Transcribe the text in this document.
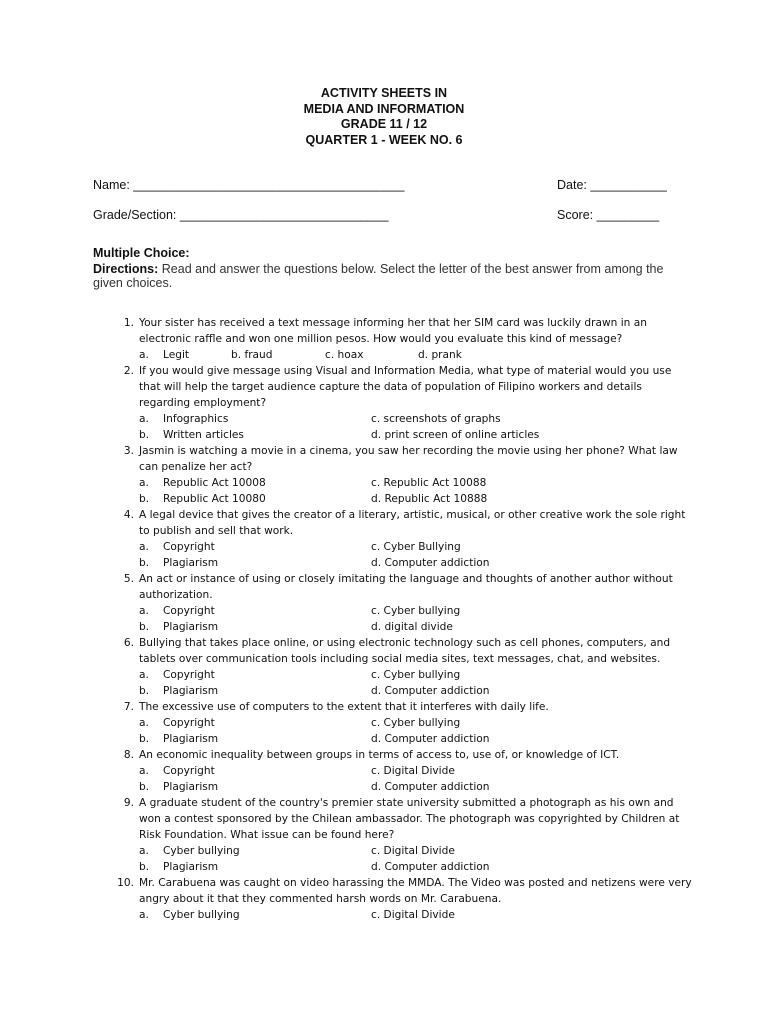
ACTIVITY SHEETS IN
MEDIA AND INFORMATION
GRADE 11 / 12
QUARTER 1 - WEEK NO. 6
Name: _______________________________________	Date: ___________
Grade/Section: ______________________________	Score: _________
Multiple Choice:
Directions: Read and answer the questions below. Select the letter of the best answer from among the given choices.
1. Your sister has received a text message informing her that her SIM card was luckily drawn in an electronic raffle and won one million pesos. How would you evaluate this kind of message?
a. Legit	b. fraud	c. hoax	d. prank
2. If you would give message using Visual and Information Media, what type of material would you use that will help the target audience capture the data of population of Filipino workers and details regarding employment?
a. Infographics	c. screenshots of graphs
b. Written articles	d. print screen of online articles
3. Jasmin is watching a movie in a cinema, you saw her recording the movie using her phone? What law can penalize her act?
a. Republic Act 10008	c. Republic Act 10088
b. Republic Act 10080	d. Republic Act 10888
4. A legal device that gives the creator of a literary, artistic, musical, or other creative work the sole right to publish and sell that work.
a. Copyright	c. Cyber Bullying
b. Plagiarism	d. Computer addiction
5. An act or instance of using or closely imitating the language and thoughts of another author without authorization.
a. Copyright	c. Cyber bullying
b. Plagiarism	d. digital divide
6. Bullying that takes place online, or using electronic technology such as cell phones, computers, and tablets over communication tools including social media sites, text messages, chat, and websites.
a. Copyright	c. Cyber bullying
b. Plagiarism	d. Computer addiction
7. The excessive use of computers to the extent that it interferes with daily life.
a. Copyright	c. Cyber bullying
b. Plagiarism	d. Computer addiction
8. An economic inequality between groups in terms of access to, use of, or knowledge of ICT.
a. Copyright	c. Digital Divide
b. Plagiarism	d. Computer addiction
9. A graduate student of the country's premier state university submitted a photograph as his own and won a contest sponsored by the Chilean ambassador. The photograph was copyrighted by Children at Risk Foundation. What issue can be found here?
a. Cyber bullying	c. Digital Divide
b. Plagiarism	d. Computer addiction
10. Mr. Carabuena was caught on video harassing the MMDA. The Video was posted and netizens were very angry about it that they commented harsh words on Mr. Carabuena.
a. Cyber bullying	c. Digital Divide
